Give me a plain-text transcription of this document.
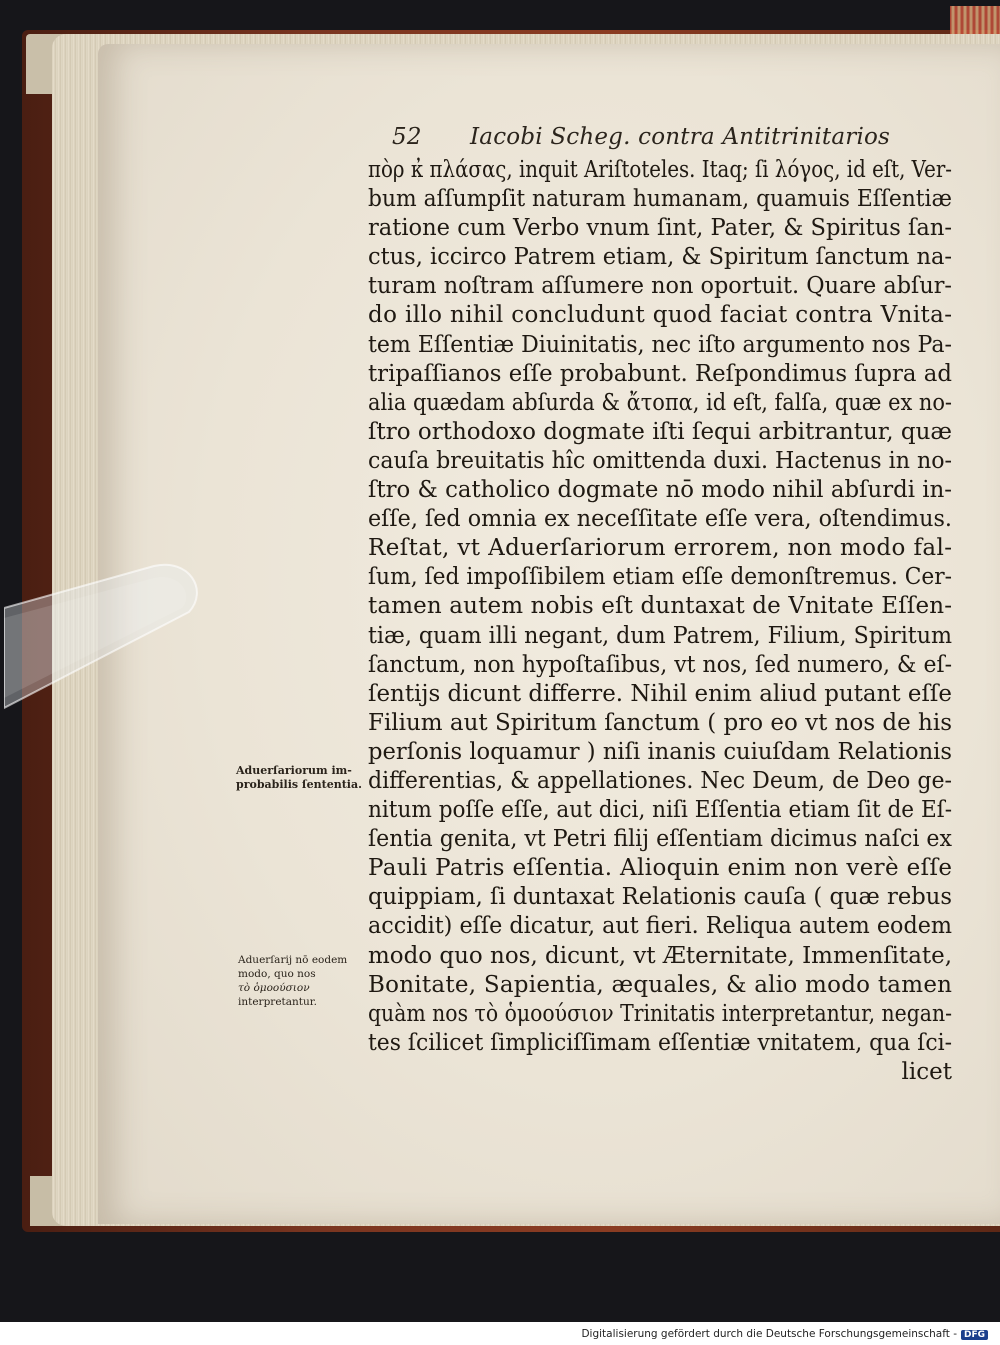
52 Iacobi Scheg. contra Antitrinitarios
πὸρ κ̓ πλάσας, inquit Ariſtoteles. Itaq; ſi λόγος, id eſt, Ver-
bum aſſumpſit naturam humanam, quamuis Eſſentiæ
ratione cum Verbo vnum ſint, Pater, & Spiritus ſan-
ctus, iccirco Patrem etiam, & Spiritum ſanctum na-
turam noſtram aſſumere non oportuit. Quare abſur-
do illo nihil concludunt quod faciat contra Vnita-
tem Eſſentiæ Diuinitatis, nec iſto argumento nos Pa-
tripaſſianos eſſe probabunt. Reſpondimus ſupra ad
alia quædam abſurda & ἄτοπα, id eſt, falſa, quæ ex no-
ſtro orthodoxo dogmate iſti ſequi arbitrantur, quæ
cauſa breuitatis hîc omittenda duxi. Hactenus in no-
ſtro & catholico dogmate nō modo nihil abſurdi in-
eſſe, ſed omnia ex neceſſitate eſſe vera, oſtendimus.
Reſtat, vt Aduerſariorum errorem, non modo fal-
ſum, ſed impoſſibilem etiam eſſe demonſtremus. Cer-
tamen autem nobis eſt duntaxat de Vnitate Eſſen-
tiæ, quam illi negant, dum Patrem, Filium, Spiritum
ſanctum, non hypoſtaſibus, vt nos, ſed numero, & eſ-
ſentijs dicunt differre. Nihil enim aliud putant eſſe
Filium aut Spiritum ſanctum ( pro eo vt nos de his
perſonis loquamur ) niſi inanis cuiuſdam Relationis
differentias, & appellationes. Nec Deum, de Deo ge-
nitum poſſe eſſe, aut dici, niſi Eſſentia etiam ſit de Eſ-
ſentia genita, vt Petri filij eſſentiam dicimus naſci ex
Pauli Patris eſſentia. Alioquin enim non verè eſſe
quippiam, ſi duntaxat Relationis cauſa ( quæ rebus
accidit) eſſe dicatur, aut fieri. Reliqua autem eodem
modo quo nos, dicunt, vt Æternitate, Immenſitate,
Bonitate, Sapientia, æquales, & alio modo tamen
quàm nos τὸ ὁμοούσιον Trinitatis interpretantur, negan-
tes ſcilicet ſimpliciſſimam eſſentiæ vnitatem, qua ſci-
licet
Aduerſariorum im-
probabilis ſententia.
Aduerſarij nō eodem
modo, quo nos
τὸ ὁμοούσιον
interpretantur.
Digitalisierung gefördert durch die Deutsche Forschungsgemeinschaft - DFG
